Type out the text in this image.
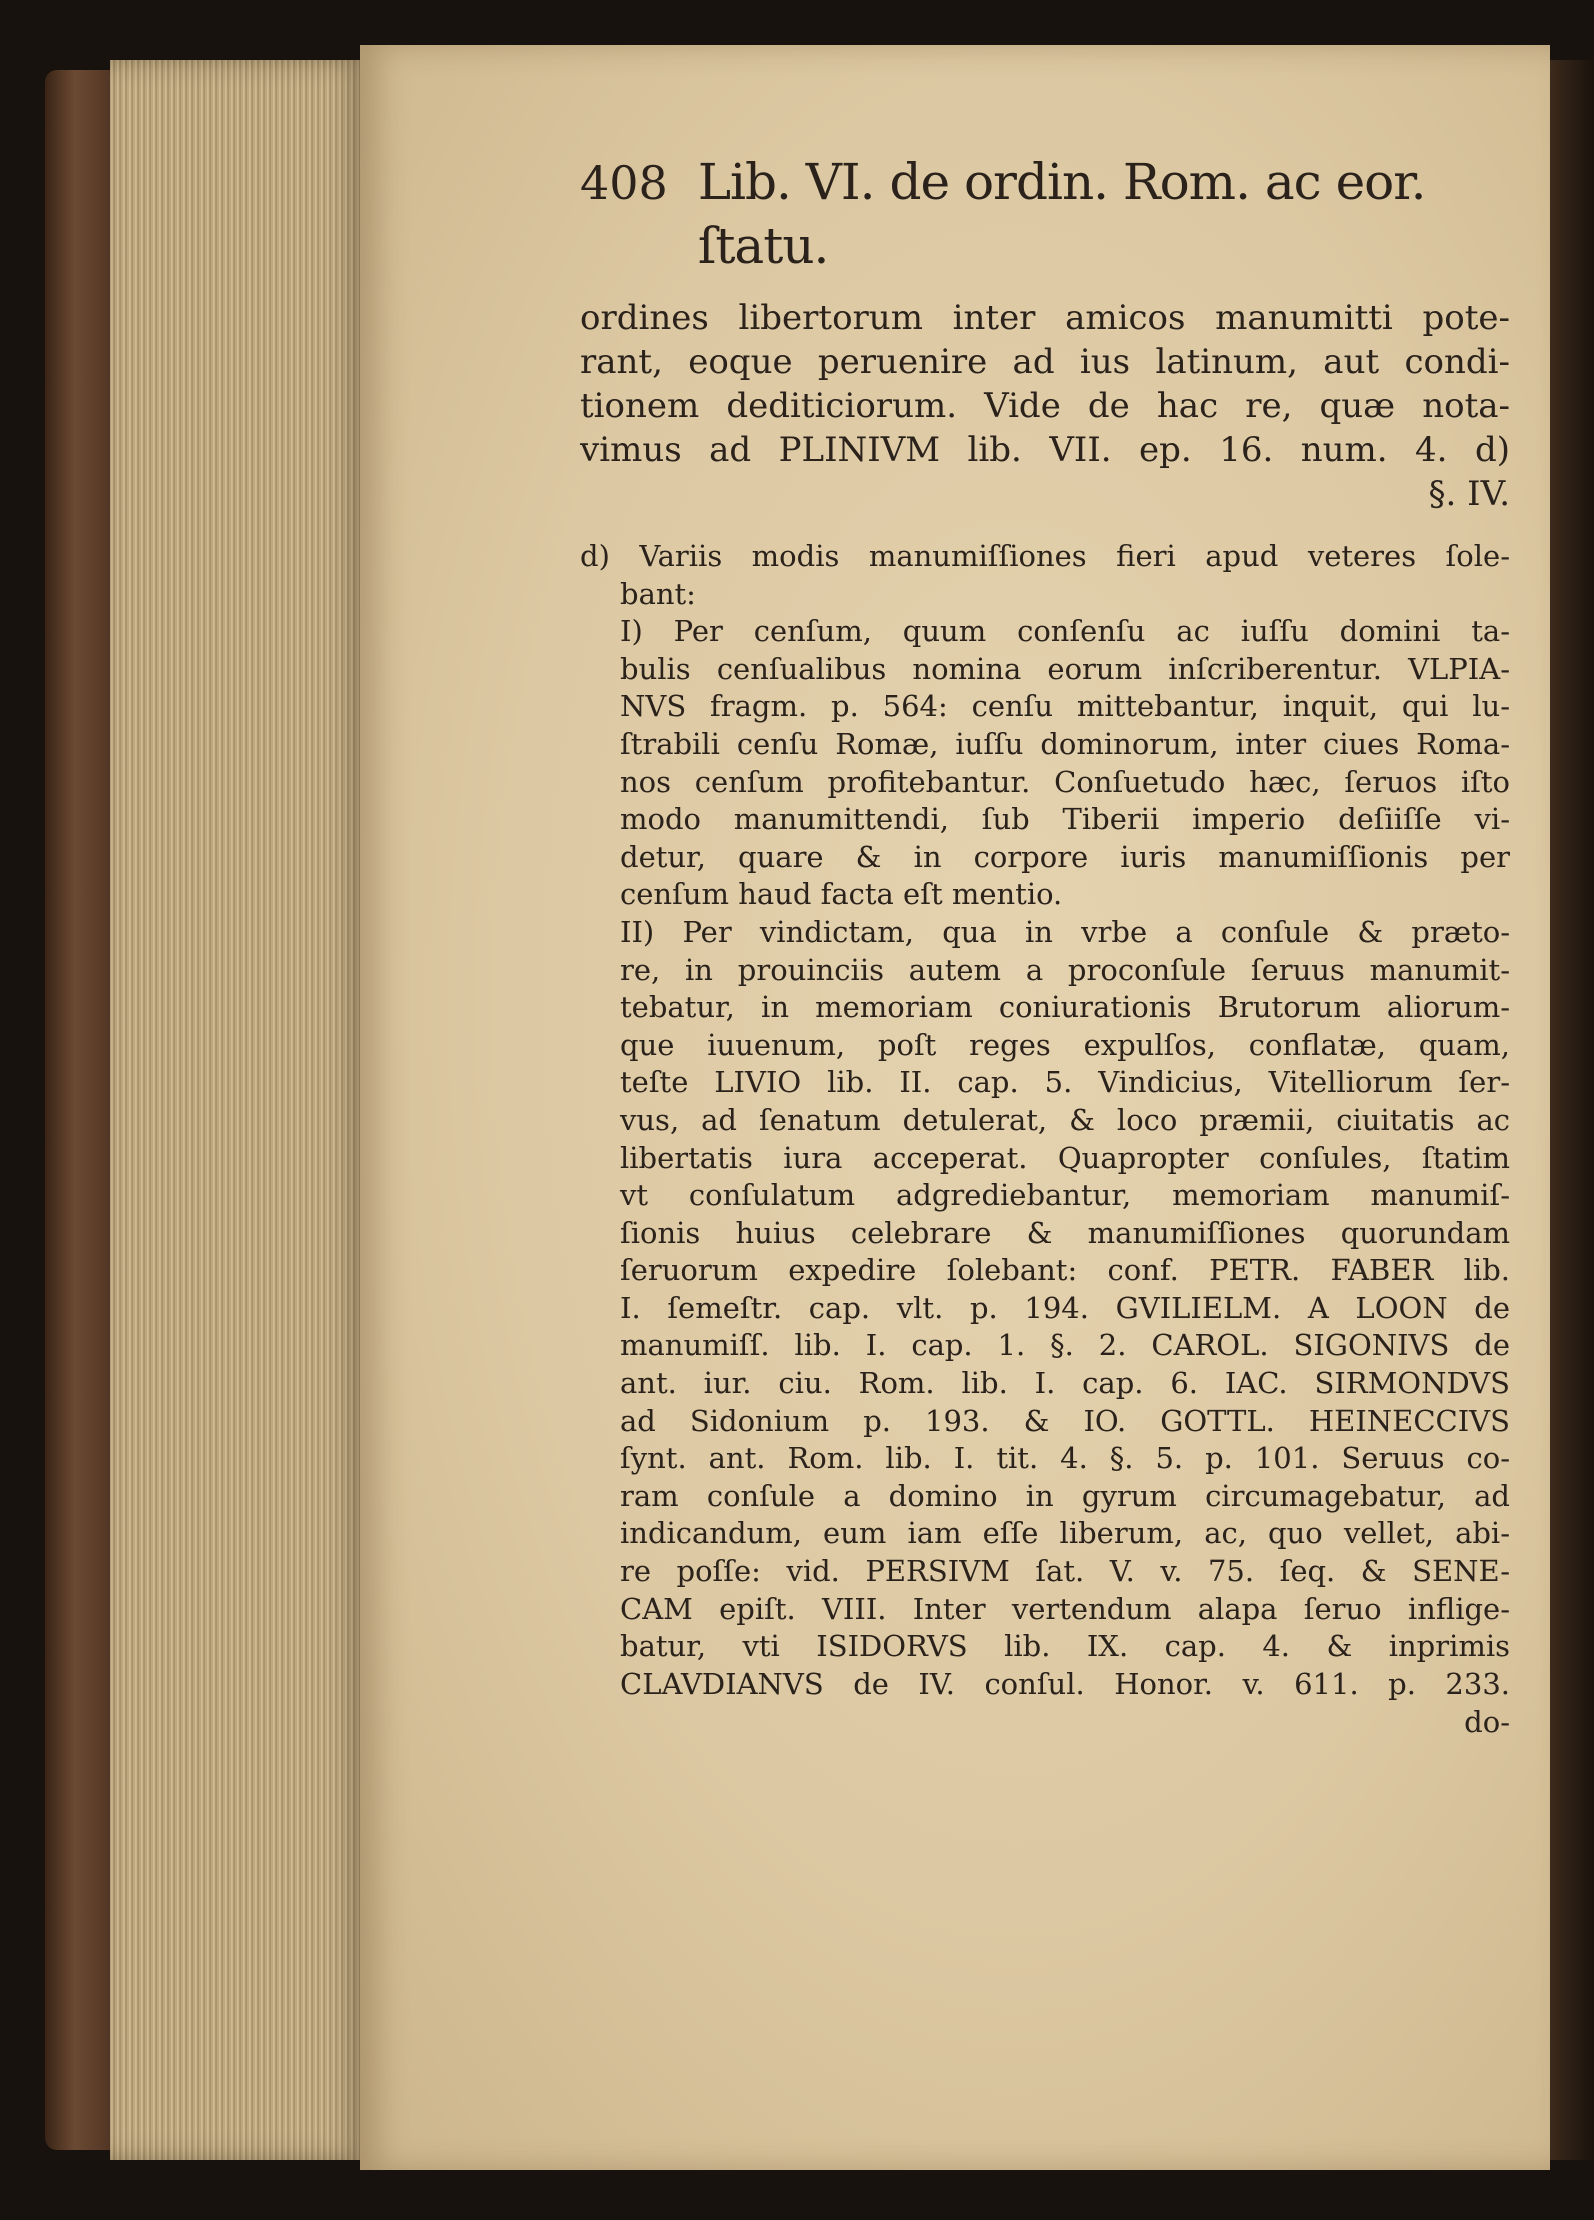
408 Lib. VI. de ordin. Rom. ac eor. ſtatu.
ordines libertorum inter amicos manumitti pote-
rant, eoque peruenire ad ius latinum, aut condi-
tionem dediticiorum. Vide de hac re, quæ nota-
vimus ad PLINIVM lib. VII. ep. 16. num. 4. d)
§. IV.
d) Variis modis manumiſſiones fieri apud veteres ſole-
bant:
I) Per cenſum, quum conſenſu ac iuſſu domini ta-
bulis cenſualibus nomina eorum inſcriberentur. VLPIA-
NVS fragm. p. 564: cenſu mittebantur, inquit, qui lu-
ſtrabili cenſu Romæ, iuſſu dominorum, inter ciues Roma-
nos cenſum profitebantur. Conſuetudo hæc, ſeruos iſto
modo manumittendi, ſub Tiberii imperio deſiiſſe vi-
detur, quare & in corpore iuris manumiſſionis per
cenſum haud facta eſt mentio.
II) Per vindictam, qua in vrbe a conſule & præto-
re, in prouinciis autem a proconſule ſeruus manumit-
tebatur, in memoriam coniurationis Brutorum aliorum-
que iuuenum, poſt reges expulſos, conflatæ, quam,
teſte LIVIO lib. II. cap. 5. Vindicius, Vitelliorum ſer-
vus, ad ſenatum detulerat, & loco præmii, ciuitatis ac
libertatis iura acceperat. Quapropter conſules, ſtatim
vt conſulatum adgrediebantur, memoriam manumiſ-
ſionis huius celebrare & manumiſſiones quorundam
ſeruorum expedire ſolebant: conf. PETR. FABER lib.
I. ſemeſtr. cap. vlt. p. 194. GVILIELM. A LOON de
manumiſſ. lib. I. cap. 1. §. 2. CAROL. SIGONIVS de
ant. iur. ciu. Rom. lib. I. cap. 6. IAC. SIRMONDVS
ad Sidonium p. 193. & IO. GOTTL. HEINECCIVS
ſynt. ant. Rom. lib. I. tit. 4. §. 5. p. 101. Seruus co-
ram conſule a domino in gyrum circumagebatur, ad
indicandum, eum iam eſſe liberum, ac, quo vellet, abi-
re poſſe: vid. PERSIVM ſat. V. v. 75. ſeq. & SENE-
CAM epiſt. VIII. Inter vertendum alapa ſeruo inflige-
batur, vti ISIDORVS lib. IX. cap. 4. & inprimis
CLAVDIANVS de IV. conſul. Honor. v. 611. p. 233.
do-
